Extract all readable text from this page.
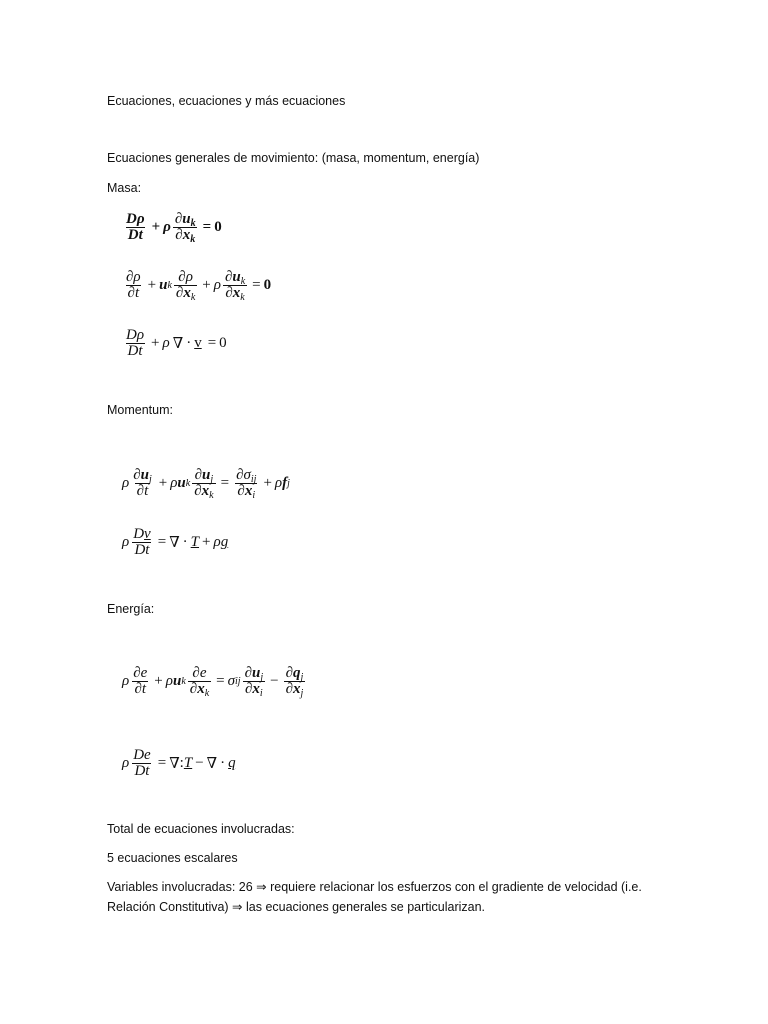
Ecuaciones, ecuaciones y más ecuaciones
Ecuaciones generales de movimiento: (masa, momentum, energía)
Masa:
$\frac{D\rho}{Dt} + \rho \frac{\partial u_k}{\partial x_k} = 0$
$\frac{\partial\rho}{\partial t} + u$ k $\frac{\partial\rho}{\partial x_k} + \rho \frac{\partial u_k}{\partial x_k} = 0$
$\frac{D\rho}{Dt} + \rho$ ∇ · v = 0
Momentum:
ρ $\frac{\partial u_j}{\partial t} + \rho$ u k $\frac{\partial u_j}{\partial x_k} = \frac{\partial\sigma_{ij}}{\partial x_i} + \rho$ f j
ρ $\frac{Dv}{Dt}$ = ∇ · T + ρ g
Energía:
ρ $\frac{\partial e}{\partial t} + \rho$ u k $\frac{\partial e}{\partial x_k} = \sigma$ ij $\frac{\partial u_j}{\partial x_i} - \frac{\partial q_j}{\partial x_j}$
ρ $\frac{De}{Dt}$ = ∇ : T − ∇ · q
Total de ecuaciones involucradas:
5 ecuaciones escalares
Variables involucradas: 26 ⇒ requiere relacionar los esfuerzos con el gradiente de velocidad (i.e. Relación Constitutiva) ⇒ las ecuaciones generales se particularizan.
